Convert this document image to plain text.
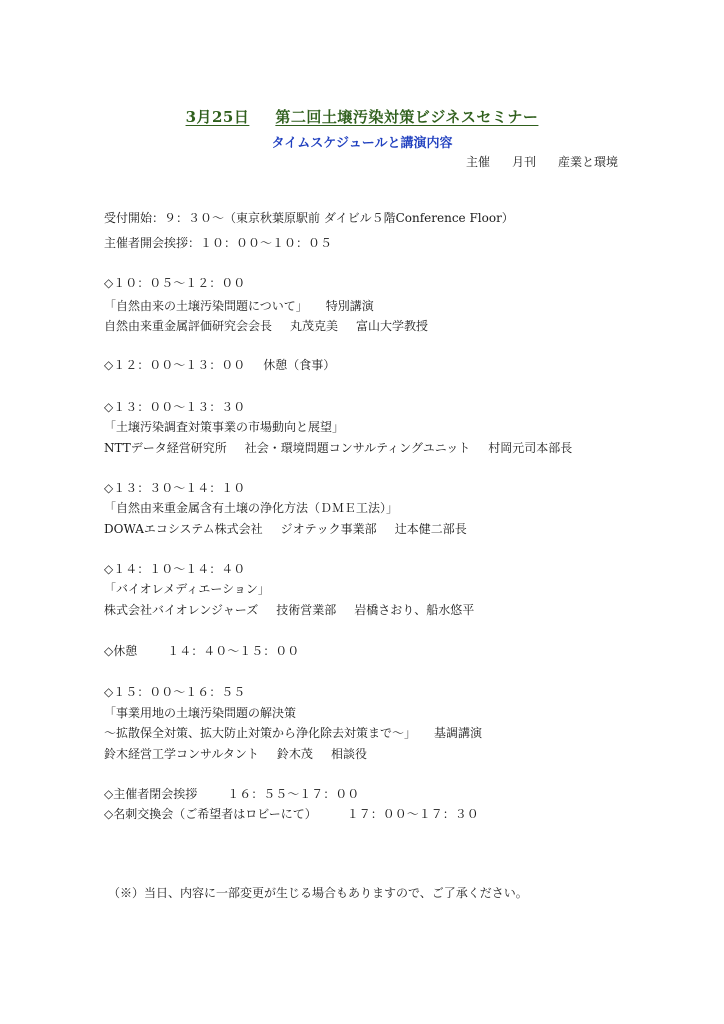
3月25日 第二回土壌汚染対策ビジネスセミナー
タイムスケジュールと講演内容
主催 月刊 産業と環境
受付開始：９：３０～（東京秋葉原駅前 ダイビル５階Conference Floor）
主催者開会挨拶：１０：００～１０：０５
◇１０：０５～１２：００
「自然由来の土壌汚染問題について」 特別講演
自然由来重金属評価研究会会長 丸茂克美 富山大学教授
◇１２：００～１３：００ 休憩（食事）
◇１３：００～１３：３０
「土壌汚染調査対策事業の市場動向と展望」
NTTデータ経営研究所 社会・環境問題コンサルティングユニット 村岡元司本部長
◇１３：３０～１４：１０
「自然由来重金属含有土壌の浄化方法（ＤＭＥ工法）」
DOWAエコシステム株式会社 ジオテック事業部 辻本健二部長
◇１４：１０～１４：４０
「バイオレメディエーション」
株式会社バイオレンジャーズ 技術営業部 岩橋さおり、船水悠平
◇休憩	１４：４０～１５：００
◇１５：００～１６：５５
「事業用地の土壌汚染問題の解決策
～拡散保全対策、拡大防止対策から浄化除去対策まで～」 基調講演
鈴木経営工学コンサルタント 鈴木茂 相談役
◇主催者閉会挨拶	１６：５５～１７：００
◇名刺交換会（ご希望者はロビーにて）	１７：００～１７：３０
（※）当日、内容に一部変更が生じる場合もありますので、ご了承ください。
